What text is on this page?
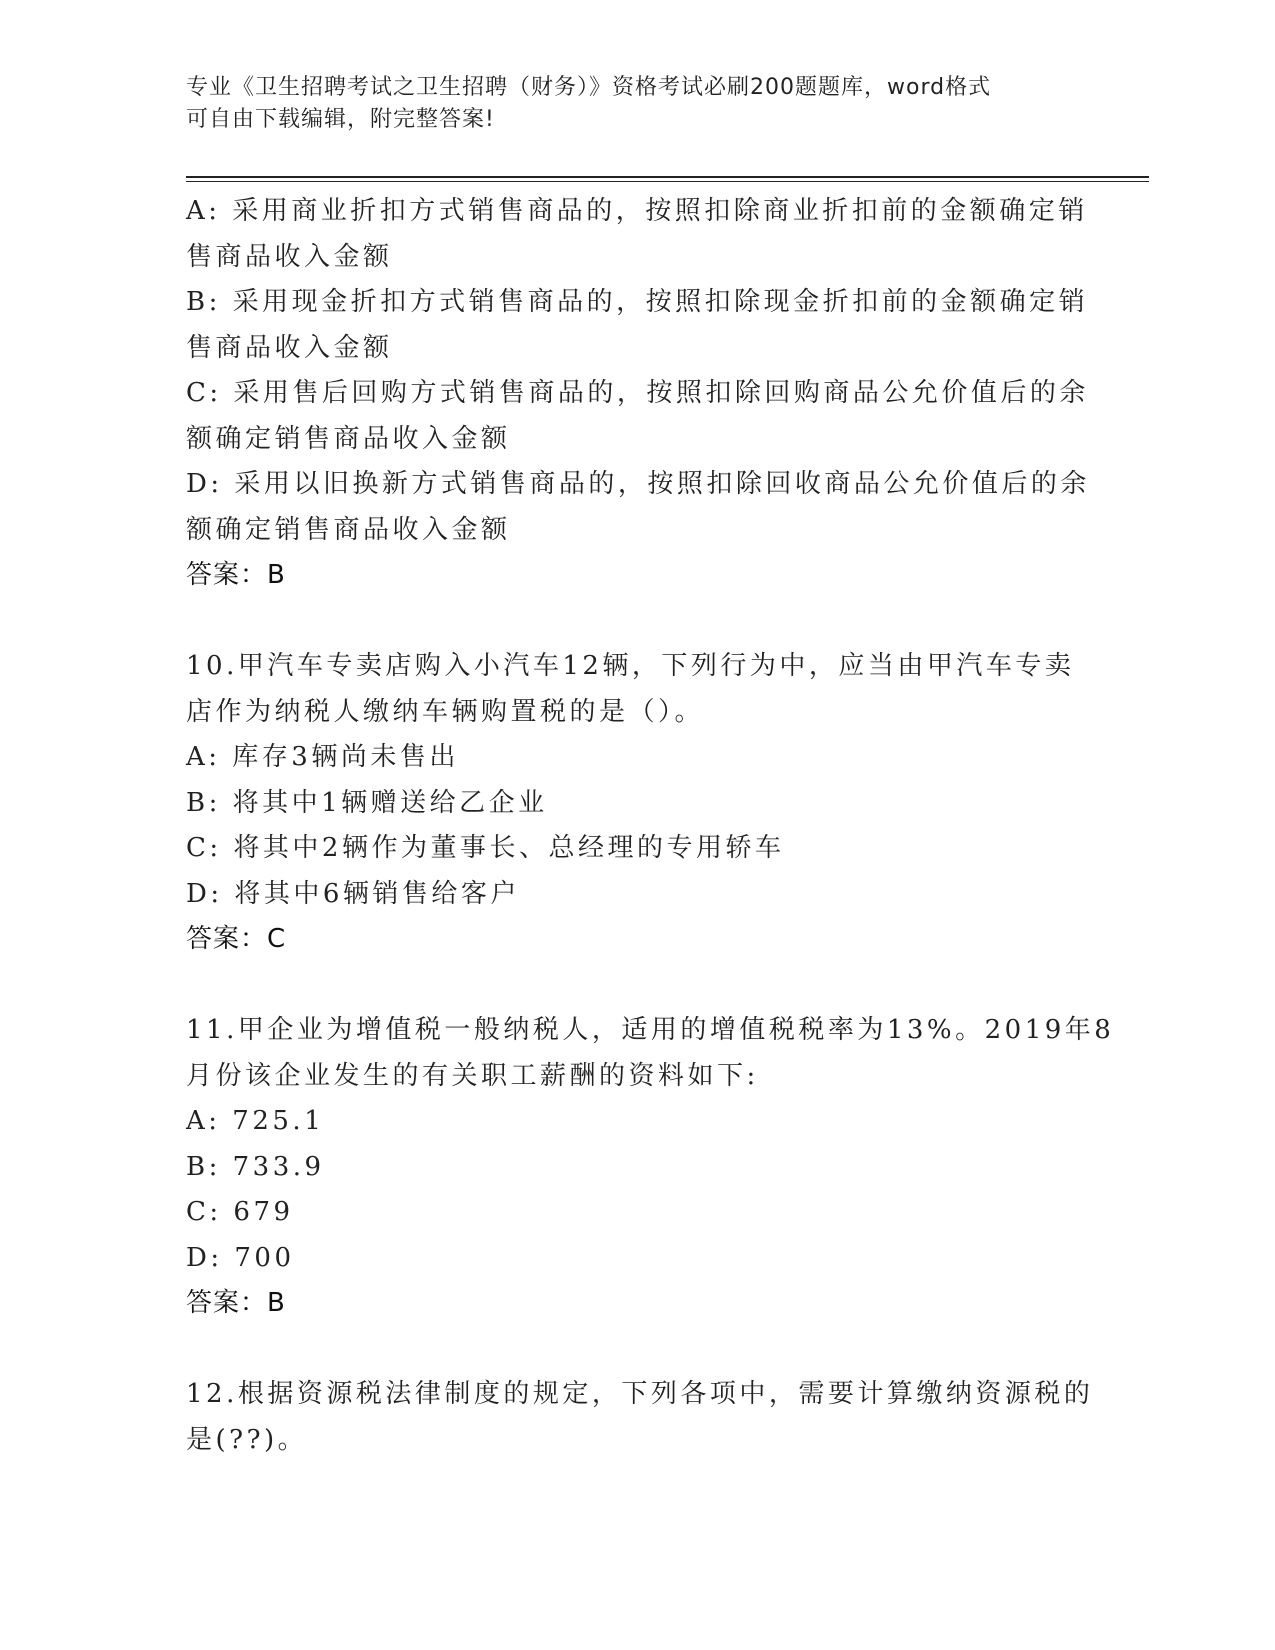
专业《卫生招聘考试之卫生招聘（财务）》资格考试必刷200题题库，word格式
可自由下载编辑，附完整答案!
A: 采用商业折扣方式销售商品的，按照扣除商业折扣前的金额确定销
售商品收入金额
B: 采用现金折扣方式销售商品的，按照扣除现金折扣前的金额确定销
售商品收入金额
C: 采用售后回购方式销售商品的，按照扣除回购商品公允价值后的余
额确定销售商品收入金额
D: 采用以旧换新方式销售商品的，按照扣除回收商品公允价值后的余
额确定销售商品收入金额
答案：B
10.甲汽车专卖店购入小汽车12辆，下列行为中，应当由甲汽车专卖
店作为纳税人缴纳车辆购置税的是（）。
A: 库存3辆尚未售出
B: 将其中1辆赠送给乙企业
C: 将其中2辆作为董事长、总经理的专用轿车
D: 将其中6辆销售给客户
答案：C
11.甲企业为增值税一般纳税人，适用的增值税税率为13%。2019年8
月份该企业发生的有关职工薪酬的资料如下:
A: 725.1
B: 733.9
C: 679
D: 700
答案：B
12.根据资源税法律制度的规定，下列各项中，需要计算缴纳资源税的
是(??)。
